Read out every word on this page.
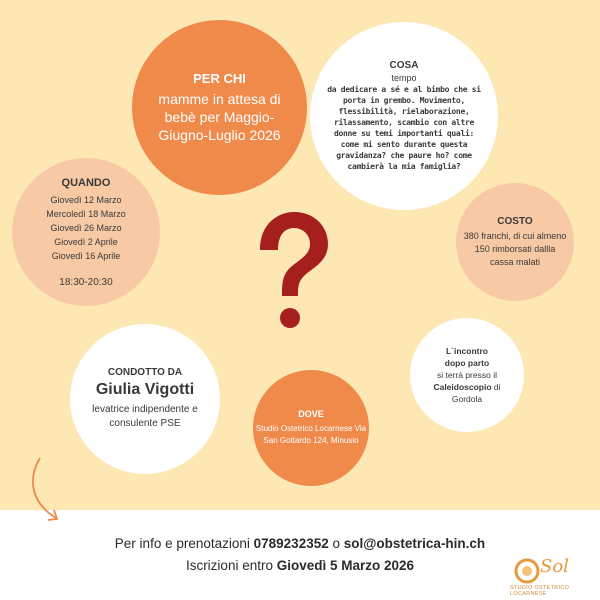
PER CHI
mamme in attesa di bebè per Maggio-Giugno-Luglio 2026
COSA
tempo
da dedicare a sé e al bimbo che si porta in grembo. Movimento, flessibilità, rielaborazione, rilassamento, scambio con altre donne su temi importanti quali: come mi sento durante questa gravidanza? che paure ho? come cambierà la mia famiglia?
QUANDO
Giovedì 12 Marzo
Mercoledì 18 Marzo
Giovedì 26 Marzo
Giovedì 2 Aprile
Giovedì 16 Aprile
18:30-20:30
COSTO
380 franchi, di cui almeno 150 rimborsati dallla cassa malati
CONDOTTO DA
Giulia Vigotti
levatrice indipendente e consulente PSE
DOVE
Studio Ostetrico Locarnese Via San Gottardo 124, Minusio
L`incontro
dopo parto
si terrà presso il
Caleidoscopio di
Gordola
Per info e prenotazioni 0789232352 o sol@obstetrica-hin.ch
Iscrizioni entro Giovedì 5 Marzo 2026	Sol
STUDIO OSTETRICO LOCARNESE
